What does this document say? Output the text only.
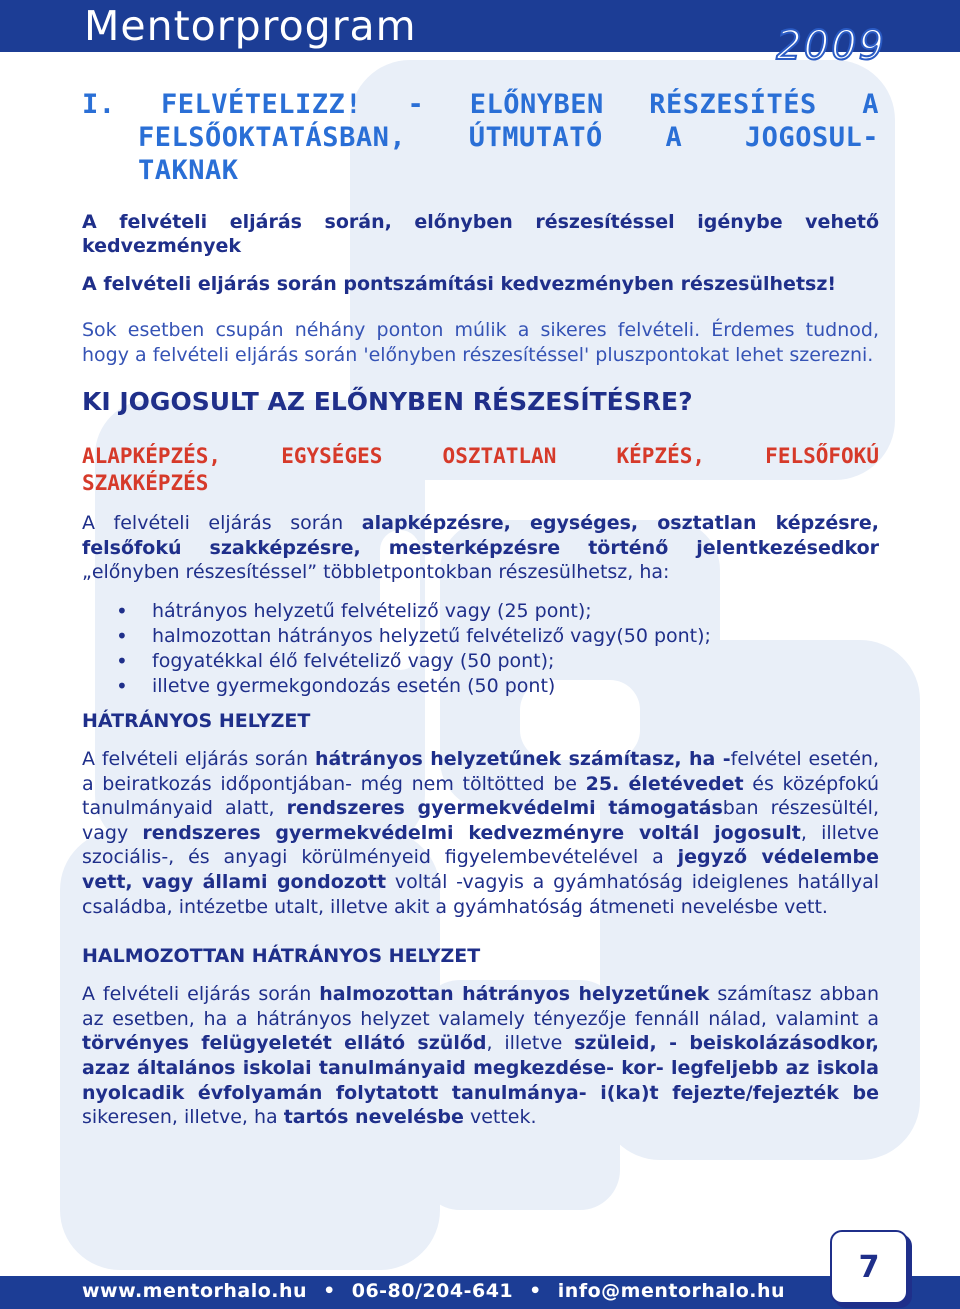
Mentorprogram	2009
I. FELVÉTELIZZ! - ELŐNYBEN RÉSZESÍTÉS A
FELSŐOKTATÁSBAN, ÚTMUTATÓ A JOGOSUL-
TAKNAK
A felvételi eljárás során, előnyben részesítéssel igénybe vehető kedvezmények
A felvételi eljárás során pontszámítási kedvezményben részesülhetsz!

Sok esetben csupán néhány ponton múlik a sikeres felvételi. Érdemes tudnod, hogy a felvételi eljárás során 'előnyben részesítéssel' pluszpontokat lehet szerezni.

KI JOGOSULT AZ ELŐNYBEN RÉSZESÍTÉSRE?
ALAPKÉPZÉS,	EGYSÉGES	OSZTATLAN	KÉPZÉS,	FELSŐFOKÚ
SZAKKÉPZÉS

A felvételi eljárás során alapképzésre, egységes, osztatlan képzésre, felsőfokú szakképzésre, mesterképzésre történő jelentkezésedkor „előnyben részesítéssel” többletpontokban részesülhetsz, ha:

• hátrányos helyzetű felvételiző vagy (25 pont);
• halmozottan hátrányos helyzetű felvételiző vagy(50 pont);
• fogyatékkal élő felvételiző vagy (50 pont);
• illetve gyermekgondozás esetén (50 pont)
HÁTRÁNYOS HELYZET

A felvételi eljárás során hátrányos helyzetűnek számítasz, ha -felvétel esetén, a beiratkozás időpontjában- még nem töltötted be 25. életévedet és középfokú tanulmányaid alatt, rendszeres gyermekvédelmi támogatásban részesültél, vagy rendszeres gyermekvédelmi kedvezményre voltál jogosult, illetve szociális-, és anyagi körülményeid figyelembevételével a jegyző védelembe vett, vagy állami gondozott voltál -vagyis a gyámhatóság ideiglenes hatállyal családba, intézetbe utalt, illetve akit a gyámhatóság átmeneti nevelésbe vett.

HALMOZOTTAN HÁTRÁNYOS HELYZET

A felvételi eljárás során halmozottan hátrányos helyzetűnek számítasz abban az esetben, ha a hátrányos helyzet valamely tényezője fennáll nálad, valamint a törvényes felügyeletét ellátó szülőd, illetve szüleid, - beiskolázásodkor, azaz általános iskolai tanulmányaid megkezdése- kor- legfeljebb az iskola nyolcadik évfolyamán folytatott tanulmánya- i(ka)t fejezte/fejezték be sikeresen, illetve, ha tartós nevelésbe vettek.

www.mentorhalo.hu • 06-80/204-641 • info@mentorhalo.hu
7
